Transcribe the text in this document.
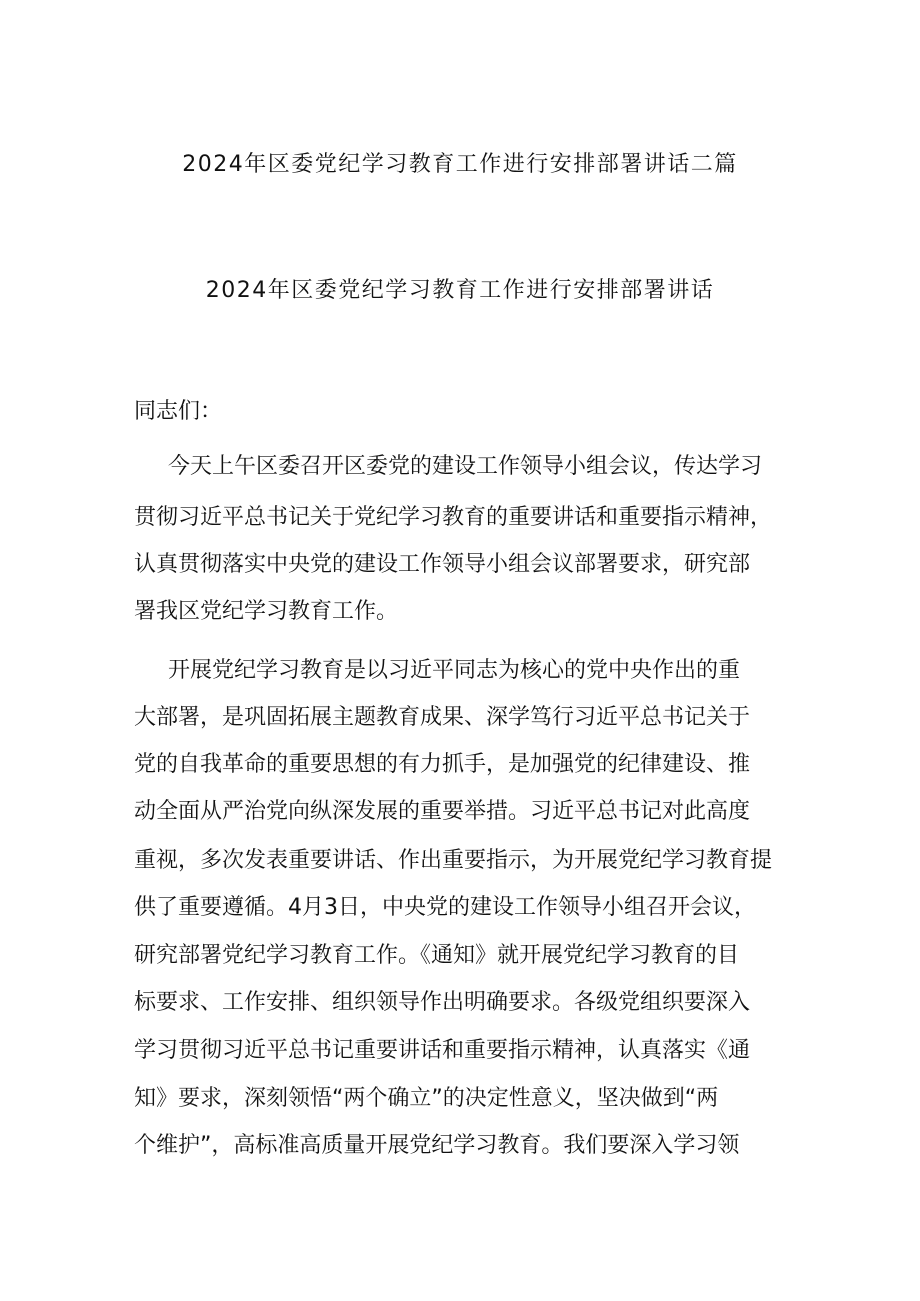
2024年区委党纪学习教育工作进行安排部署讲话二篇
2024年区委党纪学习教育工作进行安排部署讲话
同志们：
今天上午区委召开区委党的建设工作领导小组会议，传达学习
贯彻习近平总书记关于党纪学习教育的重要讲话和重要指示精神，
认真贯彻落实中央党的建设工作领导小组会议部署要求，研究部
署我区党纪学习教育工作。
开展党纪学习教育是以习近平同志为核心的党中央作出的重
大部署，是巩固拓展主题教育成果、深学笃行习近平总书记关于
党的自我革命的重要思想的有力抓手，是加强党的纪律建设、推
动全面从严治党向纵深发展的重要举措。习近平总书记对此高度
重视，多次发表重要讲话、作出重要指示，为开展党纪学习教育提
供了重要遵循。4月3日，中央党的建设工作领导小组召开会议，
研究部署党纪学习教育工作。《通知》就开展党纪学习教育的目
标要求、工作安排、组织领导作出明确要求。各级党组织要深入
学习贯彻习近平总书记重要讲话和重要指示精神，认真落实《通
知》要求，深刻领悟“两个确立”的决定性意义，坚决做到“两
个维护”，高标准高质量开展党纪学习教育。我们要深入学习领
